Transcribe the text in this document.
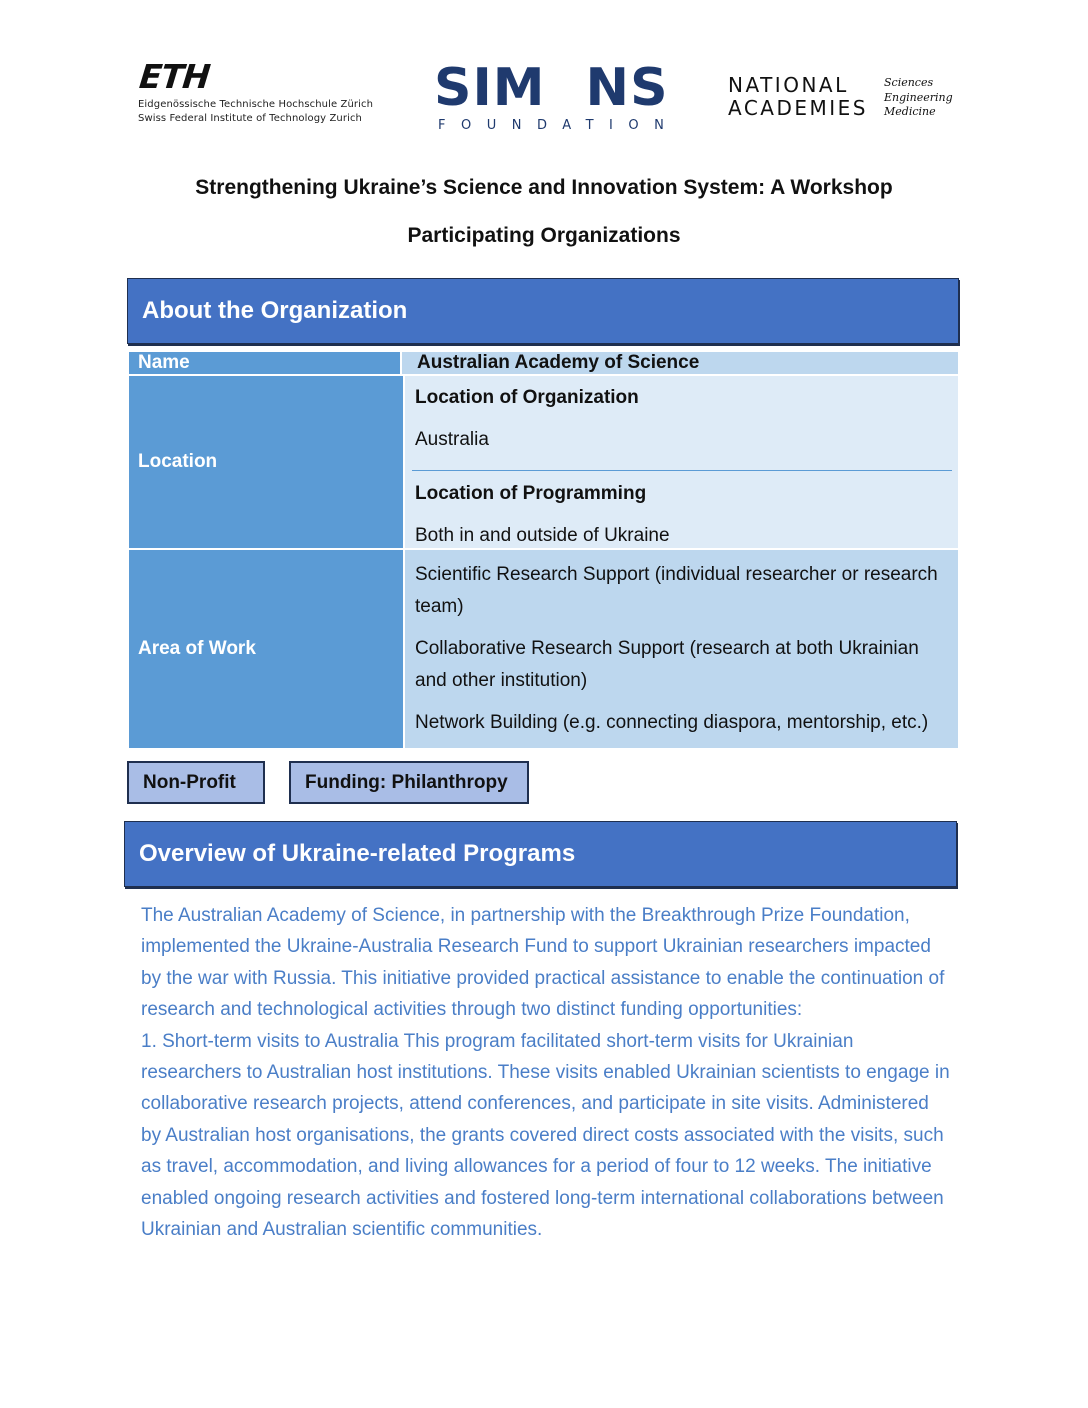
ETH
Eidgenössische Technische Hochschule Zürich
Swiss Federal Institute of Technology Zurich
SIM NS
FOUNDATION
NATIONAL
ACADEMIES
Sciences
Engineering
Medicine
Strengthening Ukraine’s Science and Innovation System: A Workshop
Participating Organizations
About the Organization
Name	Australian Academy of Science
Location
Location of Organization
Australia
Location of Programming
Both in and outside of Ukraine
Area of Work
Scientific Research Support (individual researcher or research team)
Collaborative Research Support (research at both Ukrainian and other institution)
Network Building (e.g. connecting diaspora, mentorship, etc.)
Non-Profit	Funding: Philanthropy
Overview of Ukraine-related Programs

The Australian Academy of Science, in partnership with the Breakthrough Prize Foundation, implemented the Ukraine-Australia Research Fund to support Ukrainian researchers impacted by the war with Russia. This initiative provided practical assistance to enable the continuation of research and technological activities through two distinct funding opportunities:

1. Short-term visits to Australia This program facilitated short-term visits for Ukrainian researchers to Australian host institutions. These visits enabled Ukrainian scientists to engage in collaborative research projects, attend conferences, and participate in site visits. Administered by Australian host organisations, the grants covered direct costs associated with the visits, such as travel, accommodation, and living allowances for a period of four to 12 weeks. The initiative enabled ongoing research activities and fostered long-term international collaborations between Ukrainian and Australian scientific communities.
